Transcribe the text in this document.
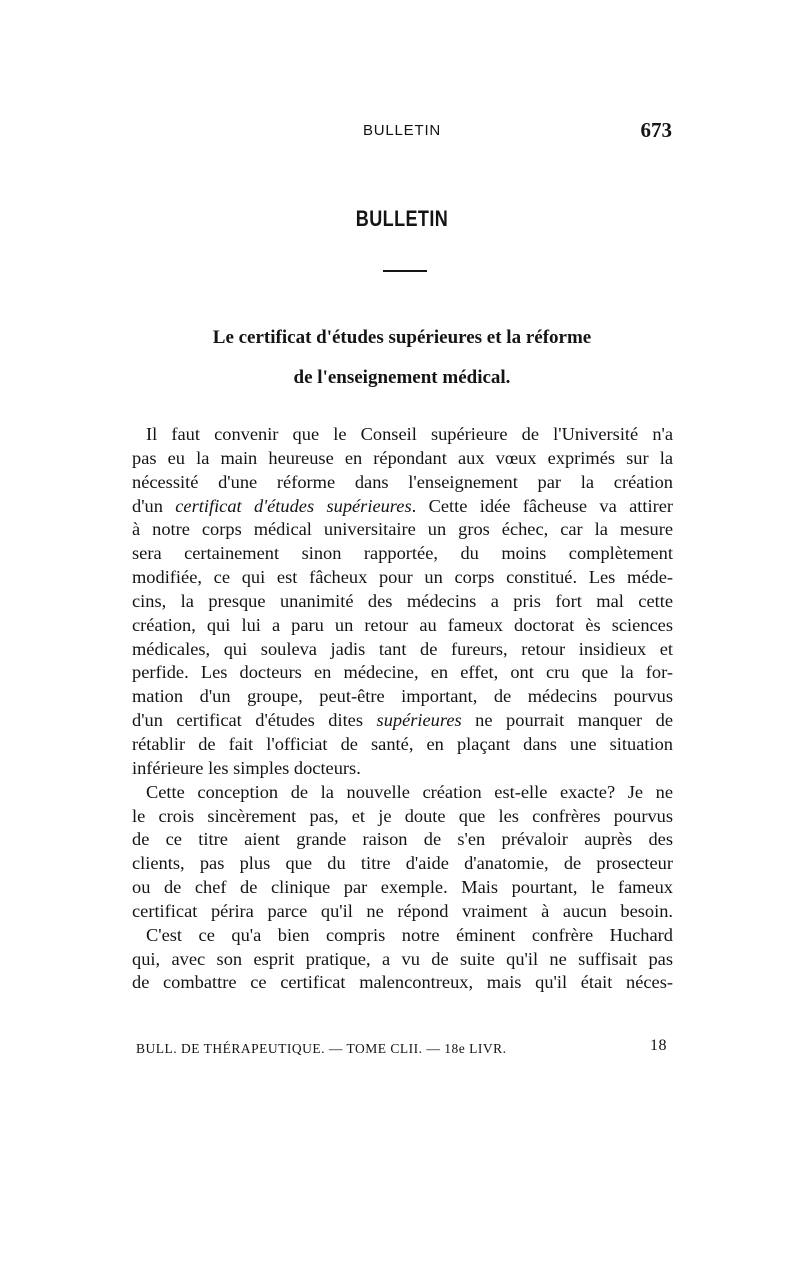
BULLETIN	673
BULLETIN
Le certificat d'études supérieures et la réforme
de l'enseignement médical.
Il faut convenir que le Conseil supérieure de l'Université n'a
pas eu la main heureuse en répondant aux vœux exprimés sur la
nécessité d'une réforme dans l'enseignement par la création
d'un certificat d'études supérieures. Cette idée fâcheuse va attirer
à notre corps médical universitaire un gros échec, car la mesure
sera certainement sinon rapportée, du moins complètement
modifiée, ce qui est fâcheux pour un corps constitué. Les méde-
cins, la presque unanimité des médecins a pris fort mal cette
création, qui lui a paru un retour au fameux doctorat ès sciences
médicales, qui souleva jadis tant de fureurs, retour insidieux et
perfide. Les docteurs en médecine, en effet, ont cru que la for-
mation d'un groupe, peut-être important, de médecins pourvus
d'un certificat d'études dites supérieures ne pourrait manquer de
rétablir de fait l'officiat de santé, en plaçant dans une situation
inférieure les simples docteurs.
Cette conception de la nouvelle création est-elle exacte? Je ne
le crois sincèrement pas, et je doute que les confrères pourvus
de ce titre aient grande raison de s'en prévaloir auprès des
clients, pas plus que du titre d'aide d'anatomie, de prosecteur
ou de chef de clinique par exemple. Mais pourtant, le fameux
certificat périra parce qu'il ne répond vraiment à aucun besoin.
C'est ce qu'a bien compris notre éminent confrère Huchard
qui, avec son esprit pratique, a vu de suite qu'il ne suffisait pas
de combattre ce certificat malencontreux, mais qu'il était néces-
BULL. DE THÉRAPEUTIQUE. — TOME CLII. — 18e LIVR.	18
